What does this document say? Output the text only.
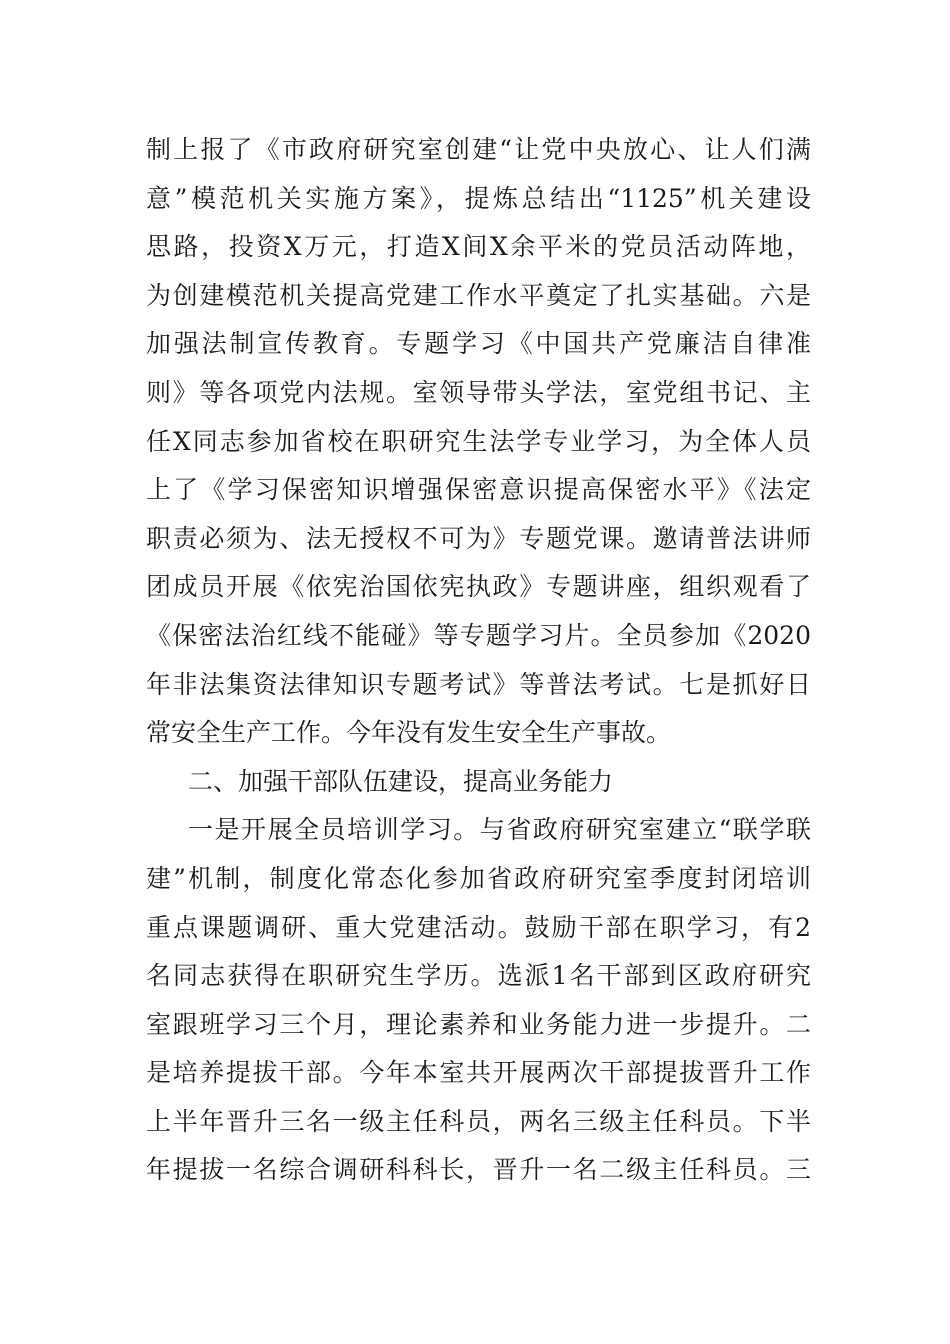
制上报了《市政府研究室创建“让党中央放心、让人们满
意”模范机关实施方案》，提炼总结出“1125”机关建设
思路，投资X万元，打造X间X余平米的党员活动阵地，
为创建模范机关提高党建工作水平奠定了扎实基础。六是
加强法制宣传教育。专题学习《中国共产党廉洁自律准
则》等各项党内法规。室领导带头学法，室党组书记、主
任X同志参加省校在职研究生法学专业学习，为全体人员
上了《学习保密知识增强保密意识提高保密水平》《法定
职责必须为、法无授权不可为》专题党课。邀请普法讲师
团成员开展《依宪治国依宪执政》专题讲座，组织观看了
《保密法治红线不能碰》等专题学习片。全员参加《2020
年非法集资法律知识专题考试》等普法考试。七是抓好日
常安全生产工作。今年没有发生安全生产事故。
二、加强干部队伍建设，提高业务能力
一是开展全员培训学习。与省政府研究室建立“联学联
建”机制，制度化常态化参加省政府研究室季度封闭培训
重点课题调研、重大党建活动。鼓励干部在职学习，有2
名同志获得在职研究生学历。选派1名干部到区政府研究
室跟班学习三个月，理论素养和业务能力进一步提升。二
是培养提拔干部。今年本室共开展两次干部提拔晋升工作
上半年晋升三名一级主任科员，两名三级主任科员。下半
年提拔一名综合调研科科长，晋升一名二级主任科员。三
